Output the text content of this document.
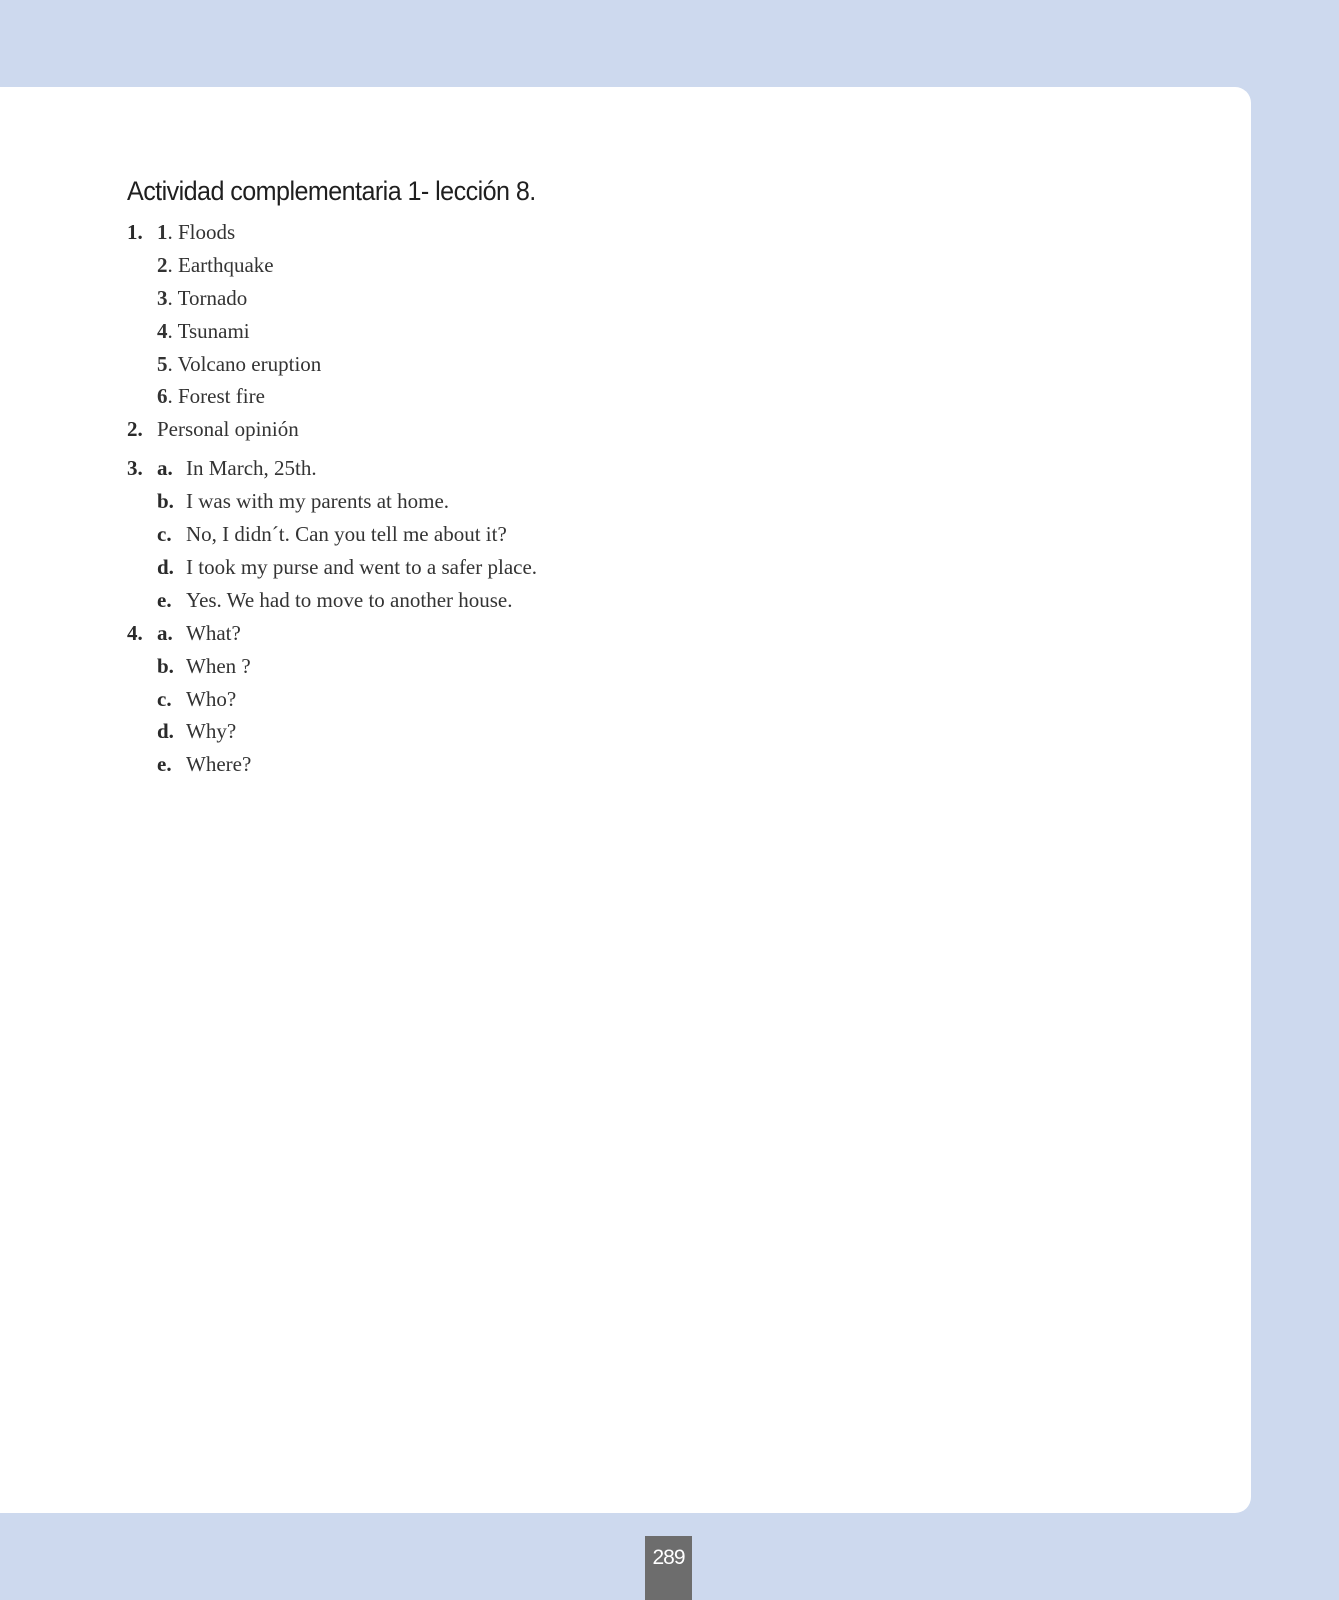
Actividad complementaria 1- lección 8.
1. 1. Floods
2. Earthquake
3. Tornado
4. Tsunami
5. Volcano eruption
6. Forest fire
2. Personal opinión
3. a. In March, 25th.
b. I was with my parents at home.
c. No, I didn´t. Can you tell me about it?
d. I took my purse and went to a safer place.
e. Yes. We had to move to another house.
4. a. What?
b. When ?
c. Who?
d. Why?
e. Where?
289
